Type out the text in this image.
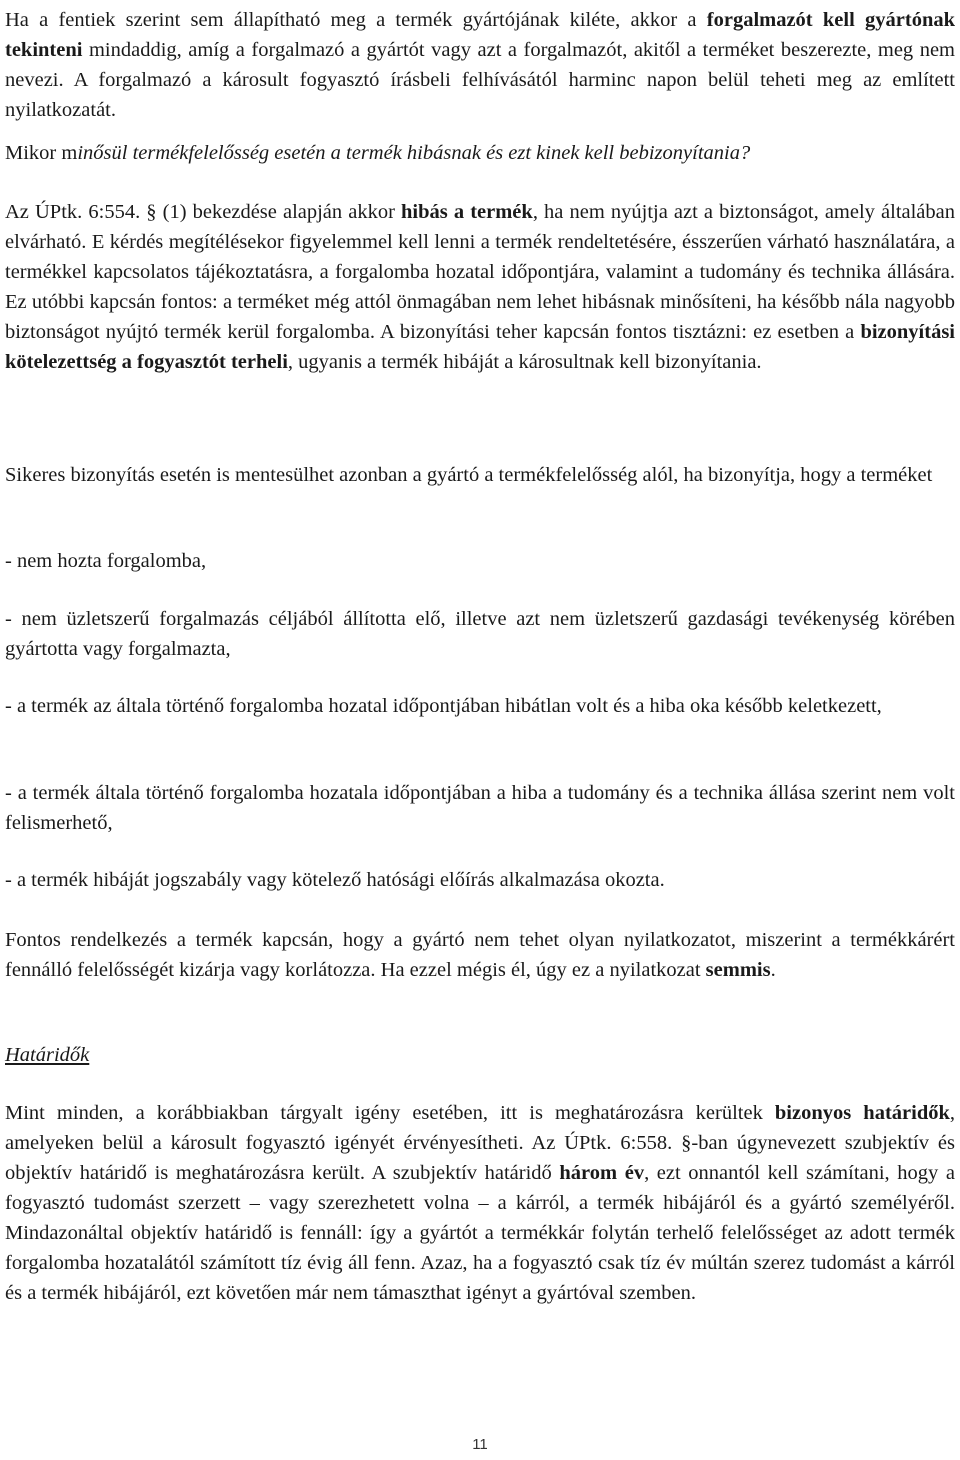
Ha a fentiek szerint sem állapítható meg a termék gyártójának kiléte, akkor a forgalmazót kell gyártónak tekinteni mindaddig, amíg a forgalmazó a gyártót vagy azt a forgalmazót, akitől a terméket beszerezte, meg nem nevezi. A forgalmazó a károsult fogyasztó írásbeli felhívásától harminc napon belül teheti meg az említett nyilatkozatát.

Mikor minősül termékfelelősség esetén a termék hibásnak és ezt kinek kell bebizonyítania?

Az ÚPtk. 6:554. § (1) bekezdése alapján akkor hibás a termék, ha nem nyújtja azt a biztonságot, amely általában elvárható. E kérdés megítélésekor figyelemmel kell lenni a termék rendeltetésére, ésszerűen várható használatára, a termékkel kapcsolatos tájékoztatásra, a forgalomba hozatal időpontjára, valamint a tudomány és technika állására. Ez utóbbi kapcsán fontos: a terméket még attól önmagában nem lehet hibásnak minősíteni, ha később nála nagyobb biztonságot nyújtó termék kerül forgalomba. A bizonyítási teher kapcsán fontos tisztázni: ez esetben a bizonyítási kötelezettség a fogyasztót terheli, ugyanis a termék hibáját a károsultnak kell bizonyítania.

Sikeres bizonyítás esetén is mentesülhet azonban a gyártó a termékfelelősség alól, ha bizonyítja, hogy a terméket

- nem hozta forgalomba,

- nem üzletszerű forgalmazás céljából állította elő, illetve azt nem üzletszerű gazdasági tevékenység körében gyártotta vagy forgalmazta,

- a termék az általa történő forgalomba hozatal időpontjában hibátlan volt és a hiba oka később keletkezett,

- a termék általa történő forgalomba hozatala időpontjában a hiba a tudomány és a technika állása szerint nem volt felismerhető,

- a termék hibáját jogszabály vagy kötelező hatósági előírás alkalmazása okozta.

Fontos rendelkezés a termék kapcsán, hogy a gyártó nem tehet olyan nyilatkozatot, miszerint a termékkárért fennálló felelősségét kizárja vagy korlátozza. Ha ezzel mégis él, úgy ez a nyilatkozat semmis.

Határidők

Mint minden, a korábbiakban tárgyalt igény esetében, itt is meghatározásra kerültek bizonyos határidők, amelyeken belül a károsult fogyasztó igényét érvényesítheti. Az ÚPtk. 6:558. §-ban úgynevezett szubjektív és objektív határidő is meghatározásra került. A szubjektív határidő három év, ezt onnantól kell számítani, hogy a fogyasztó tudomást szerzett – vagy szerezhetett volna – a kárról, a termék hibájáról és a gyártó személyéről. Mindazonáltal objektív határidő is fennáll: így a gyártót a termékkár folytán terhelő felelősséget az adott termék forgalomba hozatalától számított tíz évig áll fenn. Azaz, ha a fogyasztó csak tíz év múltán szerez tudomást a kárról és a termék hibájáról, ezt követően már nem támaszthat igényt a gyártóval szemben.

11
